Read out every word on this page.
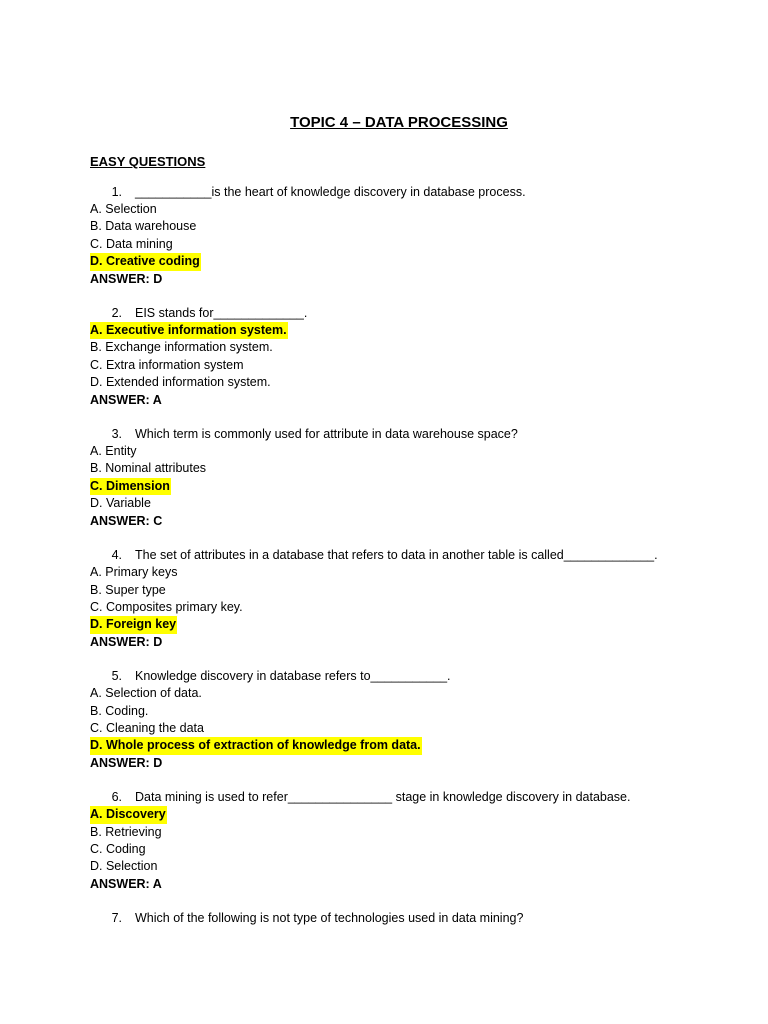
TOPIC 4 – DATA PROCESSING
EASY QUESTIONS
1.	___________is the heart of knowledge discovery in database process.
A. Selection
B. Data warehouse
C. Data mining
D. Creative coding
ANSWER: D
2.	EIS stands for_____________.
A. Executive information system.
B. Exchange information system.
C. Extra information system
D. Extended information system.
ANSWER: A
3.	Which term is commonly used for attribute in data warehouse space?
A. Entity
B. Nominal attributes
C. Dimension
D. Variable
ANSWER: C
4.	The set of attributes in a database that refers to data in another table is called_____________.
A. Primary keys
B. Super type
C. Composites primary key.
D. Foreign key
ANSWER: D
5.	Knowledge discovery in database refers to___________.
A. Selection of data.
B. Coding.
C. Cleaning the data
D. Whole process of extraction of knowledge from data.
ANSWER: D
6.	Data mining is used to refer_______________ stage in knowledge discovery in database.
A. Discovery
B. Retrieving
C. Coding
D. Selection
ANSWER: A
7.	Which of the following is not type of technologies used in data mining?
